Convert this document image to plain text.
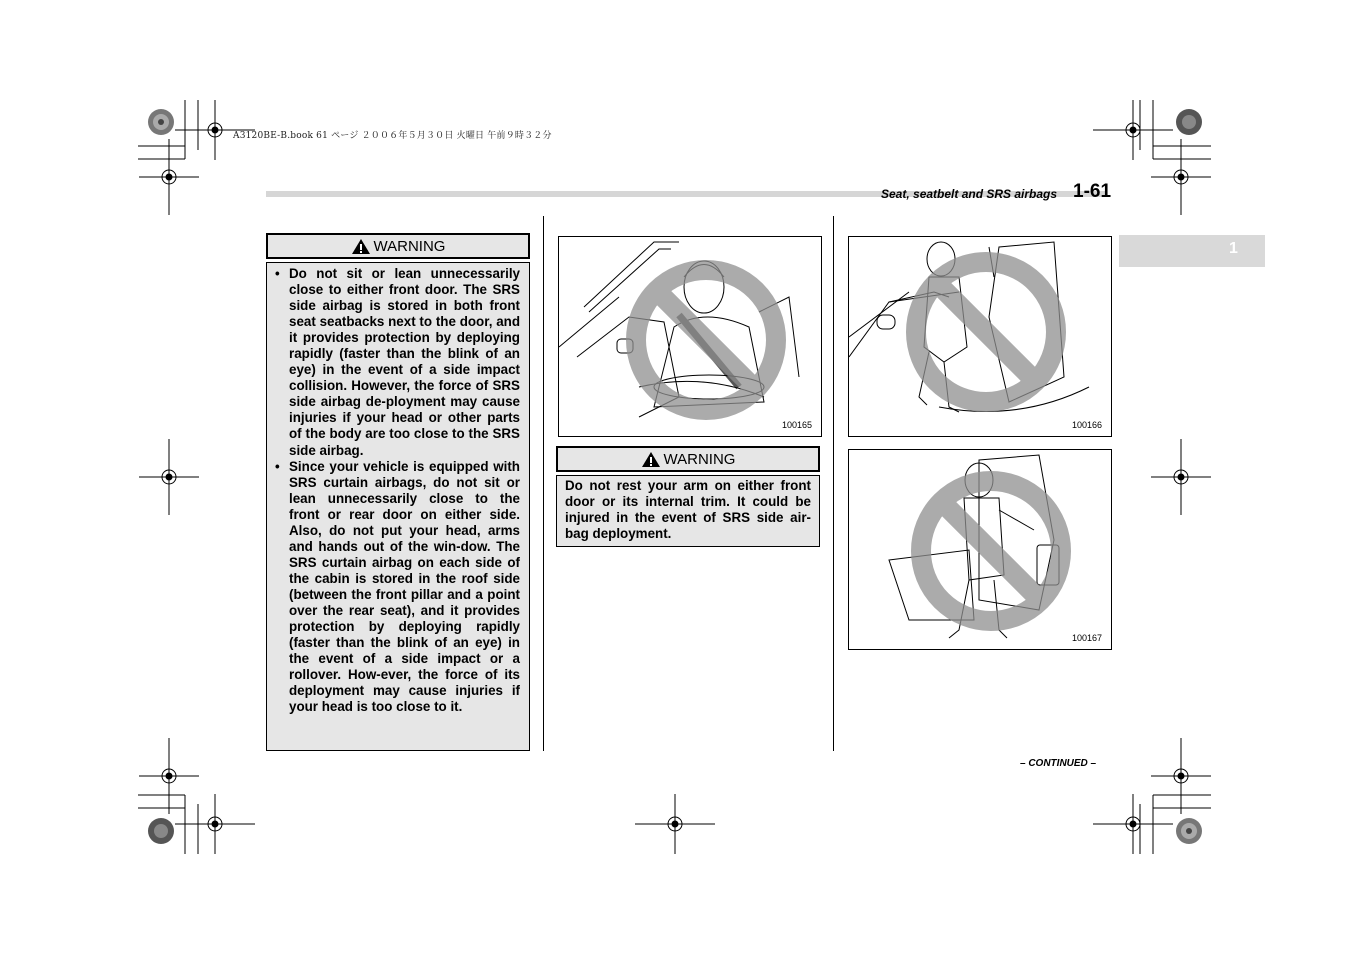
A3120BE-B.book 61 ページ ２００６年５月３０日 火曜日 午前９時３２分
Seat, seatbelt and SRS airbags 1-61
1
WARNING
• Do not sit or lean unnecessarily close to either front door. The SRS side airbag is stored in both front seat seatbacks next to the door, and it provides protection by deploying rapidly (faster than the blink of an eye) in the event of a side impact collision. However, the force of SRS side airbag de-ployment may cause injuries if your head or other parts of the body are too close to the SRS side airbag.
• Since your vehicle is equipped with SRS curtain airbags, do not sit or lean unnecessarily close to the front or rear door on either side. Also, do not put your head, arms and hands out of the win-dow. The SRS curtain airbag on each side of the cabin is stored in the roof side (between the front pillar and a point over the rear seat), and it provides protection by deploying rapidly (faster than the blink of an eye) in the event of a side impact or a rollover. How-ever, the force of its deployment may cause injuries if your head is too close to it.
100165
WARNING
Do not rest your arm on either front door or its internal trim. It could be injured in the event of SRS side air-bag deployment.
100166
100167
– CONTINUED –
